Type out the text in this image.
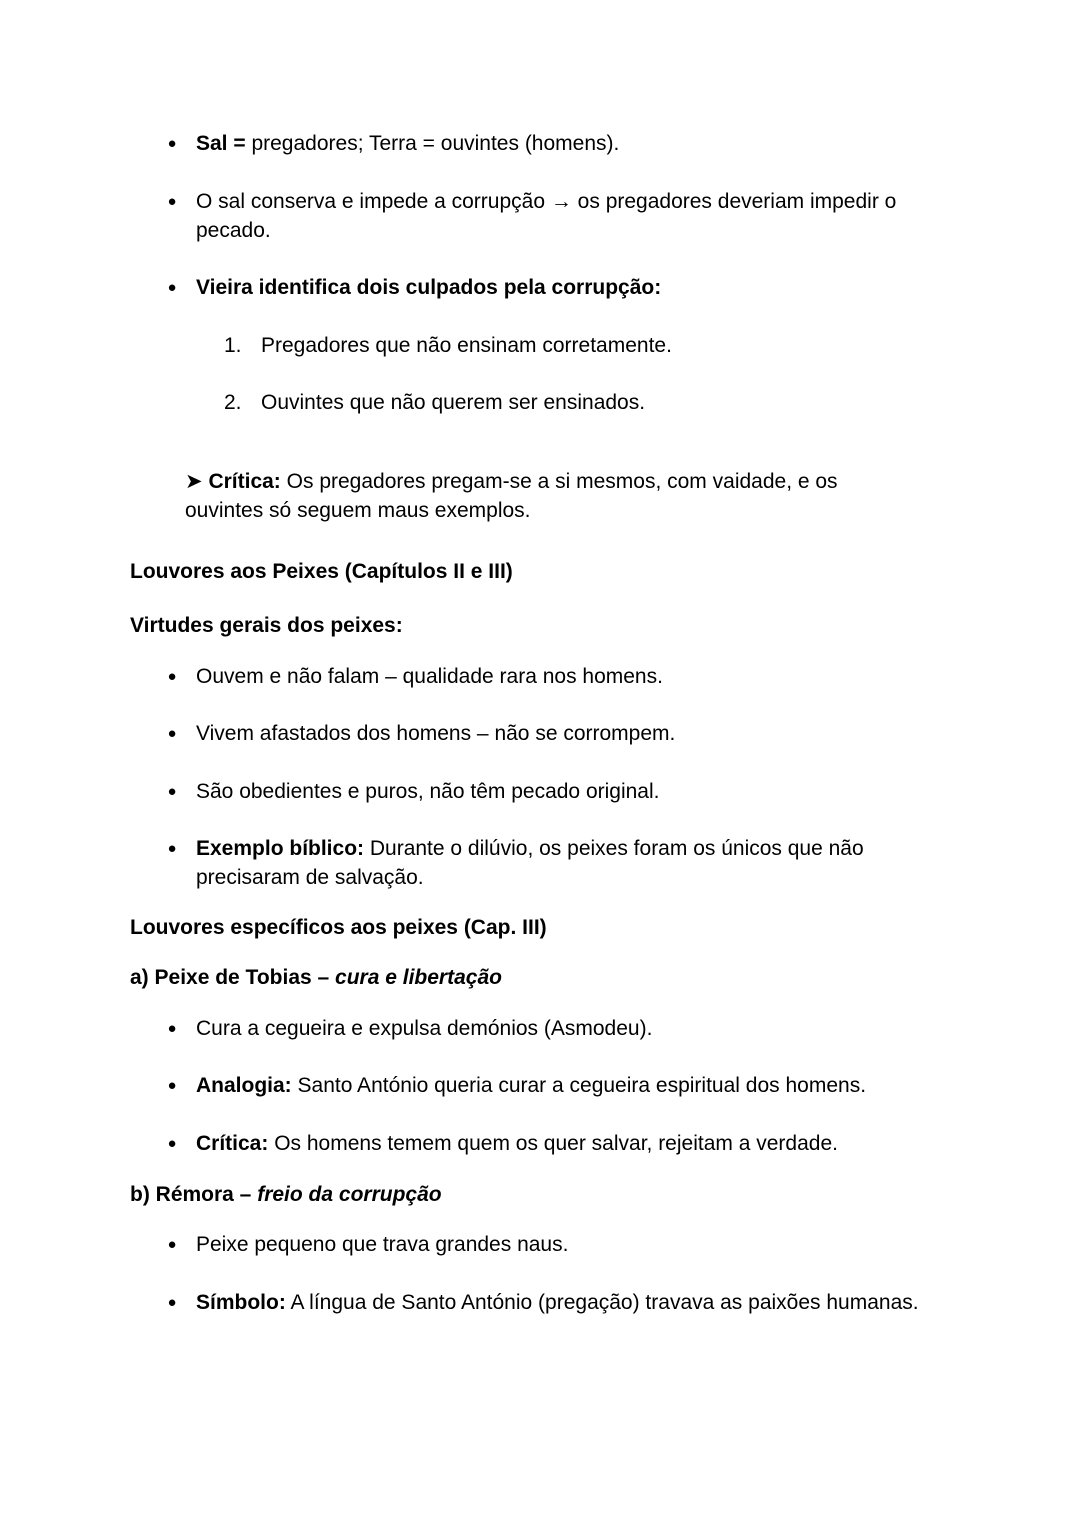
● Sal = pregadores; Terra = ouvintes (homens).
● O sal conserva e impede a corrupção → os pregadores deveriam impedir o
pecado.
● Vieira identifica dois culpados pela corrupção:
1. Pregadores que não ensinam corretamente.
2. Ouvintes que não querem ser ensinados.
➤ Crítica: Os pregadores pregam-se a si mesmos, com vaidade, e os
ouvintes só seguem maus exemplos.
Louvores aos Peixes (Capítulos II e III)
Virtudes gerais dos peixes:
● Ouvem e não falam – qualidade rara nos homens.
● Vivem afastados dos homens – não se corrompem.
● São obedientes e puros, não têm pecado original.
● Exemplo bíblico: Durante o dilúvio, os peixes foram os únicos que não
precisaram de salvação.
Louvores específicos aos peixes (Cap. III)
a) Peixe de Tobias – cura e libertação
● Cura a cegueira e expulsa demónios (Asmodeu).
● Analogia: Santo António queria curar a cegueira espiritual dos homens.
● Crítica: Os homens temem quem os quer salvar, rejeitam a verdade.
b) Rémora – freio da corrupção
● Peixe pequeno que trava grandes naus.
● Símbolo: A língua de Santo António (pregação) travava as paixões humanas.
